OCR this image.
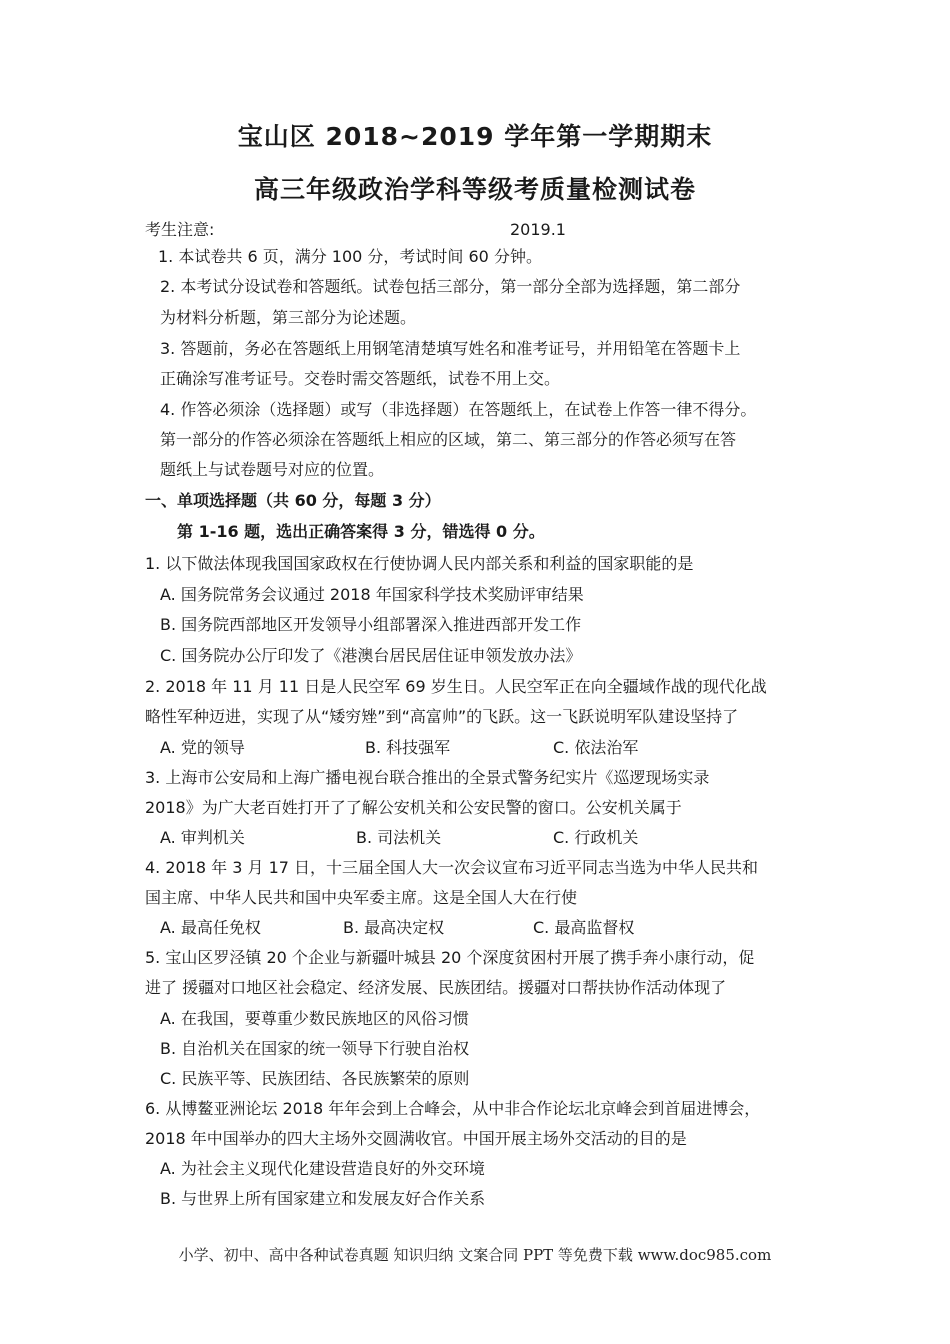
宝山区 2018~2019 学年第一学期期末
高三年级政治学科等级考质量检测试卷
考生注意:	2019.1
1. 本试卷共 6 页，满分 100 分，考试时间 60 分钟。
2. 本考试分设试卷和答题纸。试卷包括三部分，第一部分全部为选择题，第二部分
为材料分析题，第三部分为论述题。
3. 答题前，务必在答题纸上用钢笔清楚填写姓名和准考证号，并用铅笔在答题卡上
正确涂写准考证号。交卷时需交答题纸，试卷不用上交。
4. 作答必须涂（选择题）或写（非选择题）在答题纸上，在试卷上作答一律不得分。
第一部分的作答必须涂在答题纸上相应的区域，第二、第三部分的作答必须写在答
题纸上与试卷题号对应的位置。
一、单项选择题（共 60 分，每题 3 分）
第 1-16 题，选出正确答案得 3 分，错选得 0 分。
1. 以下做法体现我国国家政权在行使协调人民内部关系和利益的国家职能的是
A. 国务院常务会议通过 2018 年国家科学技术奖励评审结果
B. 国务院西部地区开发领导小组部署深入推进西部开发工作
C. 国务院办公厅印发了《港澳台居民居住证申领发放办法》
2. 2018 年 11 月 11 日是人民空军 69 岁生日。人民空军正在向全疆域作战的现代化战
略性军种迈进，实现了从“矮穷矬”到“高富帅”的飞跃。这一飞跃说明军队建设坚持了
A. 党的领导	B. 科技强军	C. 依法治军
3. 上海市公安局和上海广播电视台联合推出的全景式警务纪实片《巡逻现场实录
2018》为广大老百姓打开了了解公安机关和公安民警的窗口。公安机关属于
A. 审判机关	B. 司法机关	C. 行政机关
4. 2018 年 3 月 17 日，十三届全国人大一次会议宣布习近平同志当选为中华人民共和
国主席、中华人民共和国中央军委主席。这是全国人大在行使
A. 最高任免权	B. 最高决定权	C. 最高监督权
5. 宝山区罗泾镇 20 个企业与新疆叶城县 20 个深度贫困村开展了携手奔小康行动，促
进了 援疆对口地区社会稳定、经济发展、民族团结。援疆对口帮扶协作活动体现了
A. 在我国，要尊重少数民族地区的风俗习惯
B. 自治机关在国家的统一领导下行驶自治权
C. 民族平等、民族团结、各民族繁荣的原则
6. 从博鳌亚洲论坛 2018 年年会到上合峰会，从中非合作论坛北京峰会到首届进博会，
2018 年中国举办的四大主场外交圆满收官。中国开展主场外交活动的目的是
A. 为社会主义现代化建设营造良好的外交环境
B. 与世界上所有国家建立和发展友好合作关系
小学、初中、高中各种试卷真题 知识归纳 文案合同 PPT 等免费下载 www.doc985.com
